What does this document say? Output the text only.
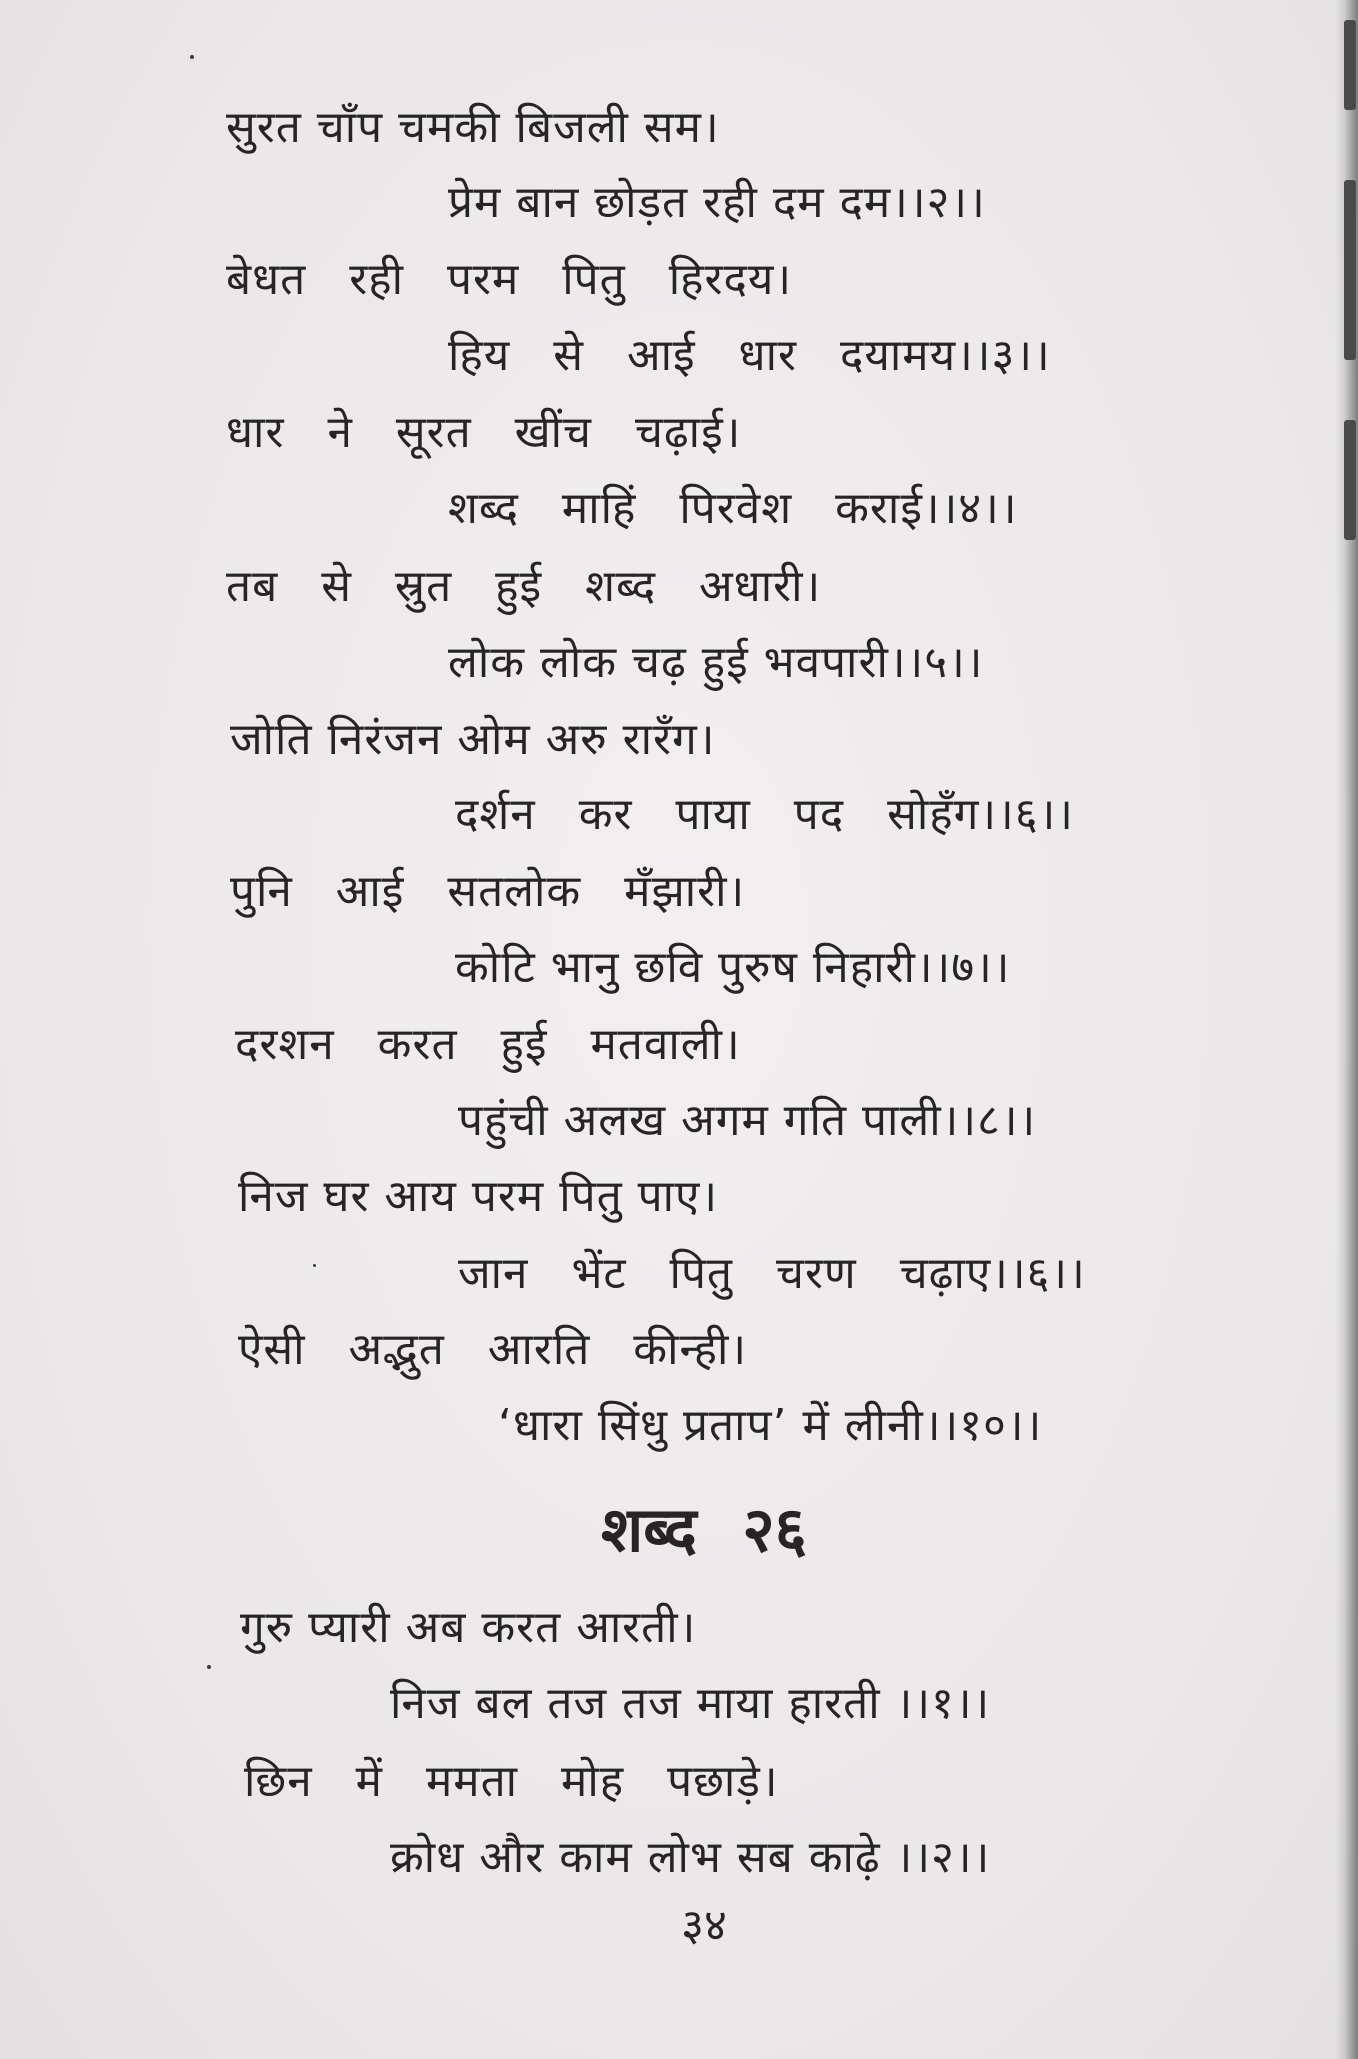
सुरत चाँप चमकी बिजली सम।
प्रेम बान छोड़त रही दम दम।।२।।
बेधत रही परम पितु हिरदय।
हिय से आई धार दयामय।।३।।
धार ने सूरत खींच चढ़ाई।
शब्द माहिं पिरवेश कराई।।४।।
तब से स्रुत हुई शब्द अधारी।
लोक लोक चढ़ हुई भवपारी।।५।।
जोति निरंजन ओम अरु रारँग।
दर्शन कर पाया पद सोहँग।।६।।
पुनि आई सतलोक मँझारी।
कोटि भानु छवि पुरुष निहारी।।७।।
दरशन करत हुई मतवाली।
पहुंची अलख अगम गति पाली।।८।।
निज घर आय परम पितु पाए।
जान भेंट पितु चरण चढ़ाए।।६।।
ऐसी अद्भुत आरति कीन्ही।
‘धारा सिंधु प्रताप’ में लीनी।।१०।।
शब्द २६
गुरु प्यारी अब करत आरती।
निज बल तज तज माया हारती ।।१।।
छिन में ममता मोह पछाड़े।
क्रोध और काम लोभ सब काढ़े ।।२।।
३४
